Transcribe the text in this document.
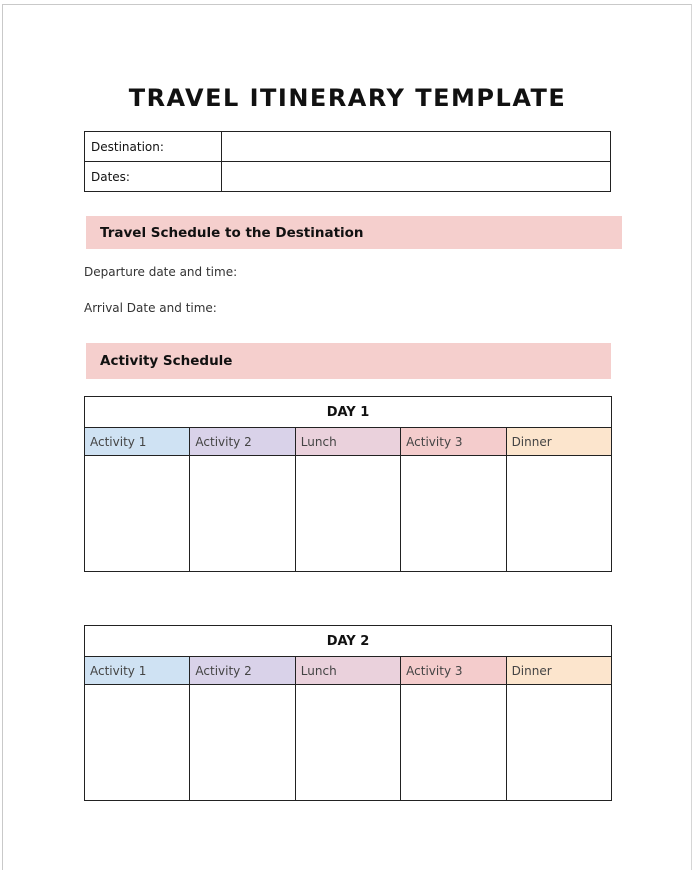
TRAVEL ITINERARY TEMPLATE
Destination:	
Dates:	
Travel Schedule to the Destination
Departure date and time:
Arrival Date and time:
Activity Schedule
DAY 1				
Activity 1	Activity 2	Lunch	Activity 3	Dinner

DAY 2				
Activity 1	Activity 2	Lunch	Activity 3	Dinner
